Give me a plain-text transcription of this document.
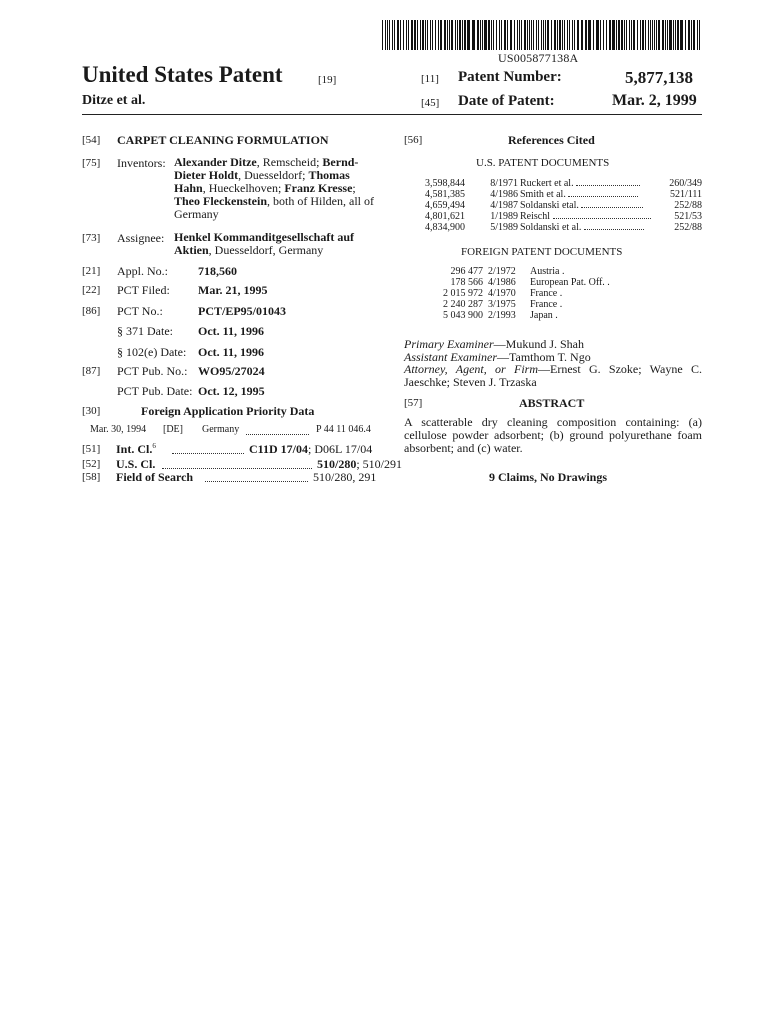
US005877138A
United States Patent	[19]
Ditze et al.
[11] Patent Number:	5,877,138
[45] Date of Patent:	Mar. 2, 1999
[54] CARPET CLEANING FORMULATION
[75] Inventors: Alexander Ditze, Remscheid; Bernd-Dieter Holdt, Duesseldorf; Thomas Hahn, Hueckelhoven; Franz Kresse; Theo Fleckenstein, both of Hilden, all of Germany
[73] Assignee: Henkel Kommanditgesellschaft auf Aktien, Duesseldorf, Germany
[21] Appl. No.:	718,560
[22] PCT Filed: Mar. 21, 1995
[86] PCT No.:	PCT/EP95/01043
§ 371 Date: Oct. 11, 1996
§ 102(e) Date: Oct. 11, 1996
[87] PCT Pub. No.: WO95/27024
PCT Pub. Date: Oct. 12, 1995
[30]	Foreign Application Priority Data
Mar. 30, 1994 [DE] Germany	P 44 11 046.4
[51] Int. Cl.$^6$	C11D 17/04; D06L 17/04
[52] U.S. Cl.	510/280; 510/291
[58] Field of Search	510/280, 291
[56]	References Cited
U.S. PATENT DOCUMENTS
3,598,844	8/1971	Ruckert et al.	260/349
4,581,385	4/1986	Smith et al.	521/111
4,659,494	4/1987	Soldanski etal.	252/88
4,801,621	1/1989	Reischl	521/53
4,834,900	5/1989	Soldanski et al.	252/88
FOREIGN PATENT DOCUMENTS
296 477	2/1972	Austria .
178 566	4/1986	European Pat. Off. .
2 015 972	4/1970	France .
2 240 287	3/1975	France .
5 043 900	2/1993	Japan .
Primary Examiner—Mukund J. Shah
Assistant Examiner—Tamthom T. Ngo
Attorney, Agent, or Firm—Ernest G. Szoke; Wayne C. Jaeschke; Steven J. Trzaska
[57]	ABSTRACT
A scatterable dry cleaning composition containing: (a) cellulose powder adsorbent; (b) ground polyurethane foam absorbent; and (c) water.
9 Claims, No Drawings
